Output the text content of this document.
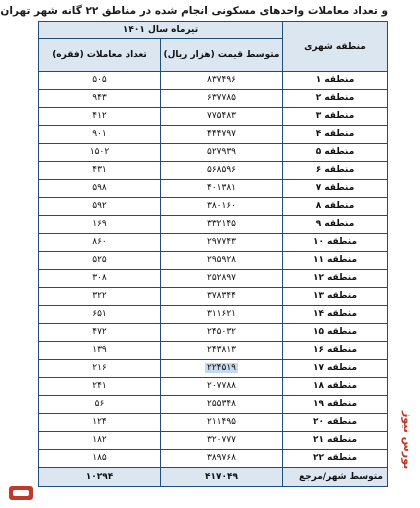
و تعداد معاملات واحدهای مسکونی انجام شده در مناطق ۲۲ گانه شهر تهران
منطقه شهری	تیرماه سال ۱۴۰۱	
	متوسط قیمت (هزار ریال)	تعداد معاملات (فقره)
منطقه ۱	۸۳۷۴۹۶	۵۰۵
منطقه ۲	۶۳۷۷۸۵	۹۴۳
منطقه ۳	۷۷۵۴۸۳	۴۱۲
منطقه ۴	۴۴۴۷۹۷	۹۰۱
منطقه ۵	۵۲۷۹۳۹	۱۵۰۲
منطقه ۶	۵۶۸۵۹۶	۴۳۱
منطقه ۷	۴۰۱۳۸۱	۵۹۸
منطقه ۸	۳۸۰۱۶۰	۵۹۲
منطقه ۹	۳۳۲۱۴۵	۱۶۹
منطقه ۱۰	۲۹۷۷۴۳	۸۶۰
منطقه ۱۱	۲۹۵۹۲۸	۵۲۵
منطقه ۱۲	۲۵۲۸۹۷	۳۰۸
منطقه ۱۳	۳۷۸۳۴۴	۳۲۲
منطقه ۱۴	۳۱۱۶۲۱	۶۵۱
منطقه ۱۵	۲۴۵۰۳۲	۴۷۲
منطقه ۱۶	۲۴۳۸۱۳	۱۳۹
منطقه ۱۷	۲۲۴۵۱۹	۲۱۶
منطقه ۱۸	۲۰۷۷۸۸	۲۴۱
منطقه ۱۹	۲۵۵۳۴۸	۵۶
منطقه ۲۰	۲۱۱۴۹۵	۱۲۴
منطقه ۲۱	۳۲۰۷۷۷	۱۸۲
منطقه ۲۲	۳۸۹۷۶۸	۱۸۵
متوسط شهر/مرجع	۴۱۷۰۴۹	۱۰۲۹۴
بورس نیوز
